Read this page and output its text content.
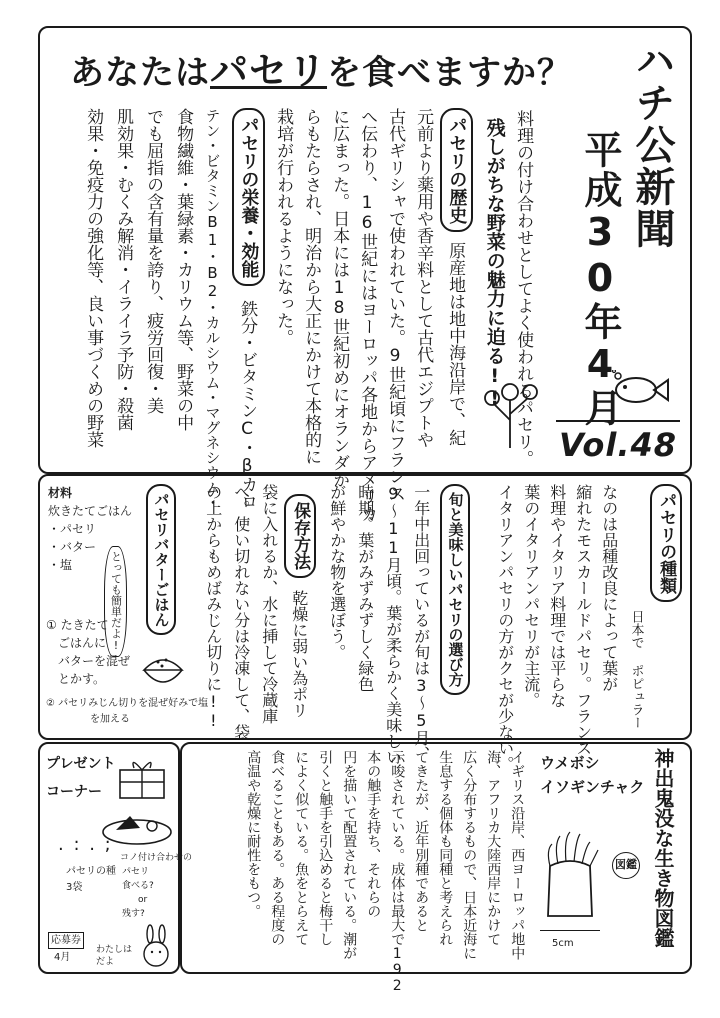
あなたはパセリを食べますか？ ハチ公新聞
平成30年4月
Vol.48
料理の付け合わせとしてよく使われるパセリ。
残しがちな野菜の魅力に迫る!!
パセリの歴史
原産地は地中海沿岸で、紀
元前より薬用や香辛料として古代エジプトや
古代ギリシャで使われていた。9世紀頃にフランス
へ伝わり、16世紀にはヨーロッパ各地からアメリカ
に広まった。日本には18世紀初めにオランダか
らもたらされ、明治から大正にかけて本格的に
栽培が行われるようになった。
パセリの栄養・効能
鉄分・ビタミンC・βカロ
テン・ビタミンB1・B2・カルシウム・マグネシウム・
食物繊維・葉緑素・カリウム等、野菜の中
でも屈指の含有量を誇り、疲労回復・美
肌効果・むくみ解消・イライラ予防・殺菌
効果・免疫力の強化等、良い事づくめの野菜
パセリの種類
日本で ポピュラー
なのは品種改良によって葉が
縮れたモスカールドパセリ。フランス
料理やイタリア料理では平らな
葉のイタリアンパセリが主流。
イタリアンパセリの方がクセが少ない。
旬と美味しいパセリの選び方
一年中出回っているが旬は3〜5月、
9〜11月頃。葉が柔らかく美味しい
時期。葉がみずみずしく緑色
が鮮やかな物を選ぼう。
保存方法
乾燥に弱い為ポリ
袋に入れるか、水に挿して冷蔵庫
へ。使い切れない分は冷凍して、袋
の上からもめばみじん切りに!!
パセリバターごはん
とっても簡単だよ!
材料
炊きたてごはん
・パセリ
・バター
・塩
① たきたて
ごはんに
バターを混ぜ
とかす。
② パセリみじん切りを混ぜ好みで塩
を加える
プレゼント
コーナー
. : . ;
パセリの種
3袋
コノ付け合わせの
パセリ
食べる?
or
残す?
応募券
4月
わたしは
だよ
神出鬼没な生き物図鑑
図鑑
ウメボシ
イソギンチャク
5cm
イギリス沿岸、西ヨーロッパ地中
海、アフリカ大陸西岸にかけて
広く分布するもので、日本近海に
生息する個体も同種と考えられ
てきたが、近年別種であると
示唆されている。成体は最大で192
本の触手を持ち、それらの
円を描いて配置されている。潮が
引くと触手を引込めると梅干し
によく似ている。魚をとらえて
食べることもある。ある程度の
高温や乾燥に耐性をもつ。
